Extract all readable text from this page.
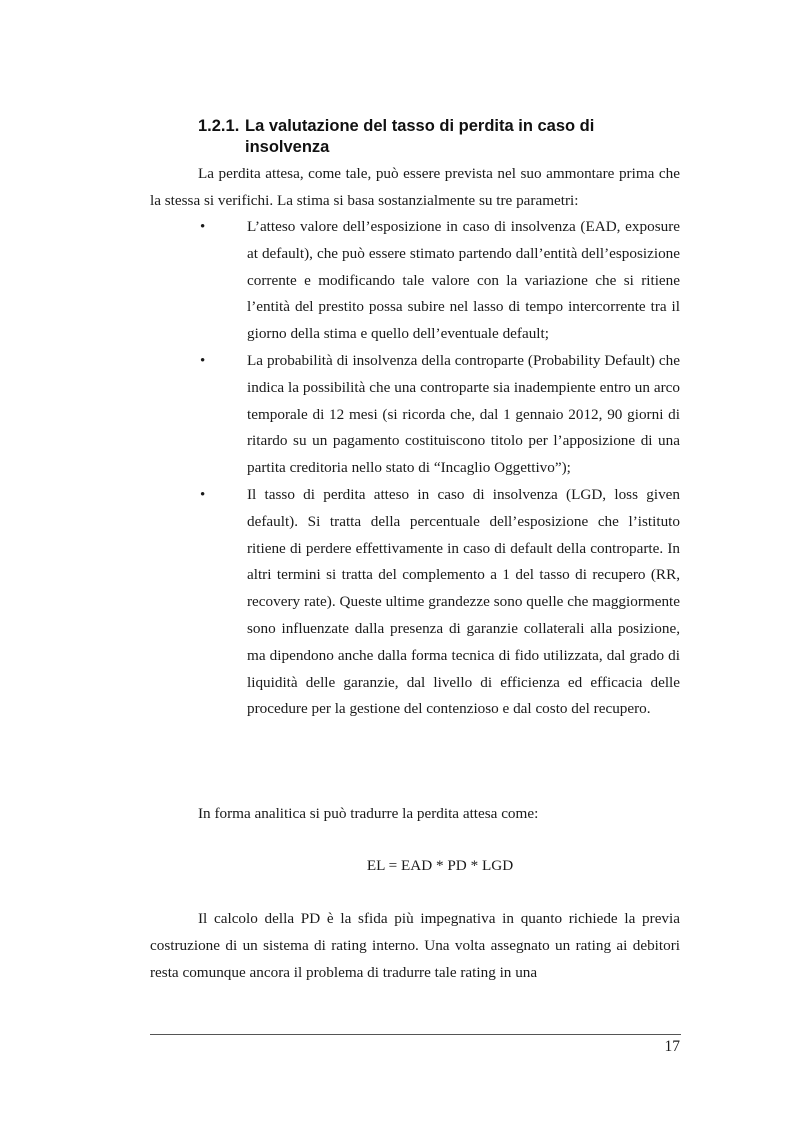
1.2.1. La valutazione del tasso di perdita in caso di
insolvenza
La perdita attesa, come tale, può essere prevista nel suo ammontare prima che la stessa si verifichi. La stima si basa sostanzialmente su tre parametri:
•	L’atteso valore dell’esposizione in caso di insolvenza (EAD, exposure at default), che può essere stimato partendo dall’entità dell’esposizione corrente e modificando tale valore con la variazione che si ritiene l’entità del prestito possa subire nel lasso di tempo intercorrente tra il giorno della stima e quello dell’eventuale default;
•	La probabilità di insolvenza della controparte (Probability Default) che indica la possibilità che una controparte sia inadempiente entro un arco temporale di 12 mesi (si ricorda che, dal 1 gennaio 2012, 90 giorni di ritardo su un pagamento costituiscono titolo per l’apposizione di una partita creditoria nello stato di “Incaglio Oggettivo”);
•	Il tasso di perdita atteso in caso di insolvenza (LGD, loss given default). Si tratta della percentuale dell’esposizione che l’istituto ritiene di perdere effettivamente in caso di default della controparte. In altri termini si tratta del complemento a 1 del tasso di recupero (RR, recovery rate). Queste ultime grandezze sono quelle che maggiormente sono influenzate dalla presenza di garanzie collaterali alla posizione, ma dipendono anche dalla forma tecnica di fido utilizzata, dal grado di liquidità delle garanzie, dal livello di efficienza ed efficacia delle procedure per la gestione del contenzioso e dal costo del recupero.
In forma analitica si può tradurre la perdita attesa come:
EL = EAD * PD * LGD
Il calcolo della PD è la sfida più impegnativa in quanto richiede la previa costruzione di un sistema di rating interno. Una volta assegnato un rating ai debitori resta comunque ancora il problema di tradurre tale rating in una
17
